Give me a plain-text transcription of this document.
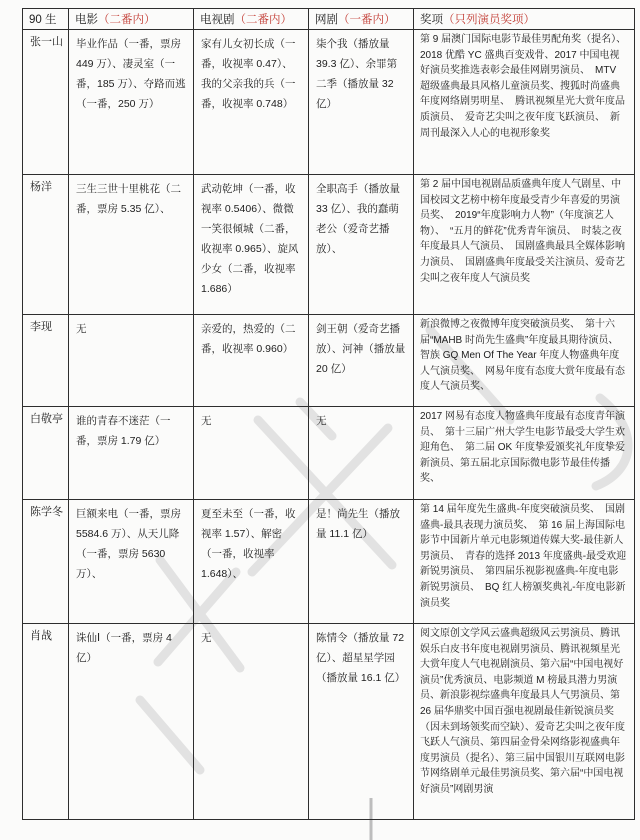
90 生	电影（二番内）	电视剧（二番内）	网剧（一番内）	奖项（只列演员奖项）
张一山	毕业作品（一番，票房 449 万）、凄灵室（一番，185 万）、夺路而逃（一番，250 万）	家有儿女初长成（一番，收视率 0.47）、我的父亲我的兵（一番，收视率 0.748）	柒个我（播放量 39.3 亿）、余罪第二季（播放量 32 亿）	第 9 届澳门国际电影节最佳男配角奖（提名）、2018 优酷 YC 盛典百变戏骨、2017 中国电视好演员奖推选表彰会最佳网剧男演员、　MTV 超级盛典最具风格儿童演员奖、搜狐时尚盛典年度网络剧男明星、　腾讯视频星光大赏年度品质演员、　爱奇艺尖叫之夜年度飞跃演员、　新周刊最深入人心的电视形象奖
杨洋	三生三世十里桃花（二番，票房 5.35 亿）、	武动乾坤（一番，收视率 0.5406）、微微一笑很倾城（二番，收视率 0.965）、旋风少女（二番，收视率 1.686）	全职高手（播放量 33 亿）、我的蠢萌老公（爱奇艺播放）、	第 2 届中国电视剧品质盛典年度人气剧星、中国校园文艺榜中榜年度最受青少年喜爱的男演员奖、　2019“年度影响力人物”（年度演艺人物）、　“五月的鲜花”优秀青年演员、　时装之夜年度最具人气演员、　国剧盛典最具全媒体影响力演员、　国剧盛典年度最受关注演员、爱奇艺尖叫之夜年度人气演员奖
李现	无	亲爱的，热爱的（二番，收视率 0.960）	剑王朝（爱奇艺播放）、河神（播放量 20 亿）	新浪微博之夜微博年度突破演员奖、　第十六届“MAHB 时尚先生盛典”年度最具期待演员、　智族 GQ Men Of The Year 年度人物盛典年度人气演员奖、　网易年度有态度大赏年度最有态度人气演员奖、
白敬亭	谁的青春不迷茫（一番，票房 1.79 亿）	无	无	2017 网易有态度人物盛典年度最有态度青年演员、　第十三届广州大学生电影节最受大学生欢迎角色、　第二届 OK 年度挚爱颁奖礼年度挚爱新演员、第五届北京国际微电影节最佳传播奖、
陈学冬	巨额来电（一番，票房 5584.6 万）、从天儿降（一番，票房 5630 万）、	夏至未至（一番，收视率 1.57）、解密（一番，收视率 1.648）、	是！尚先生（播放量 11.1 亿）	第 14 届年度先生盛典-年度突破演员奖、　国剧盛典-最具表现力演员奖、　第 16 届上海国际电影节中国新片单元电影频道传媒大奖-最佳新人男演员、　青春的选择 2013 年度盛典-最受欢迎新锐男演员、　第四届乐视影视盛典-年度电影新锐男演员、　BQ 红人榜颁奖典礼-年度电影新演员奖
肖战	诛仙Ⅰ（一番，票房 4 亿）	无	陈情令（播放量 72 亿）、超星星学园（播放量 16.1 亿）	阅文原创文学风云盛典超级风云男演员、腾讯娱乐白皮书年度电视剧男演员、腾讯视频星光大赏年度人气电视剧演员、第六届“中国电视好演员”优秀演员、电影频道 M 榜最具潜力男演员、新浪影视综盛典年度最具人气男演员、第 26 届华鼎奖中国百强电视剧最佳新锐演员奖（因未到场领奖而空缺）、爱奇艺尖叫之夜年度飞跃人气演员、第四届金骨朵网络影视盛典年度男演员（提名）、第三届中国银川互联网电影节网络剧单元最佳男演员奖、第六届“中国电视好演员”网剧男演
